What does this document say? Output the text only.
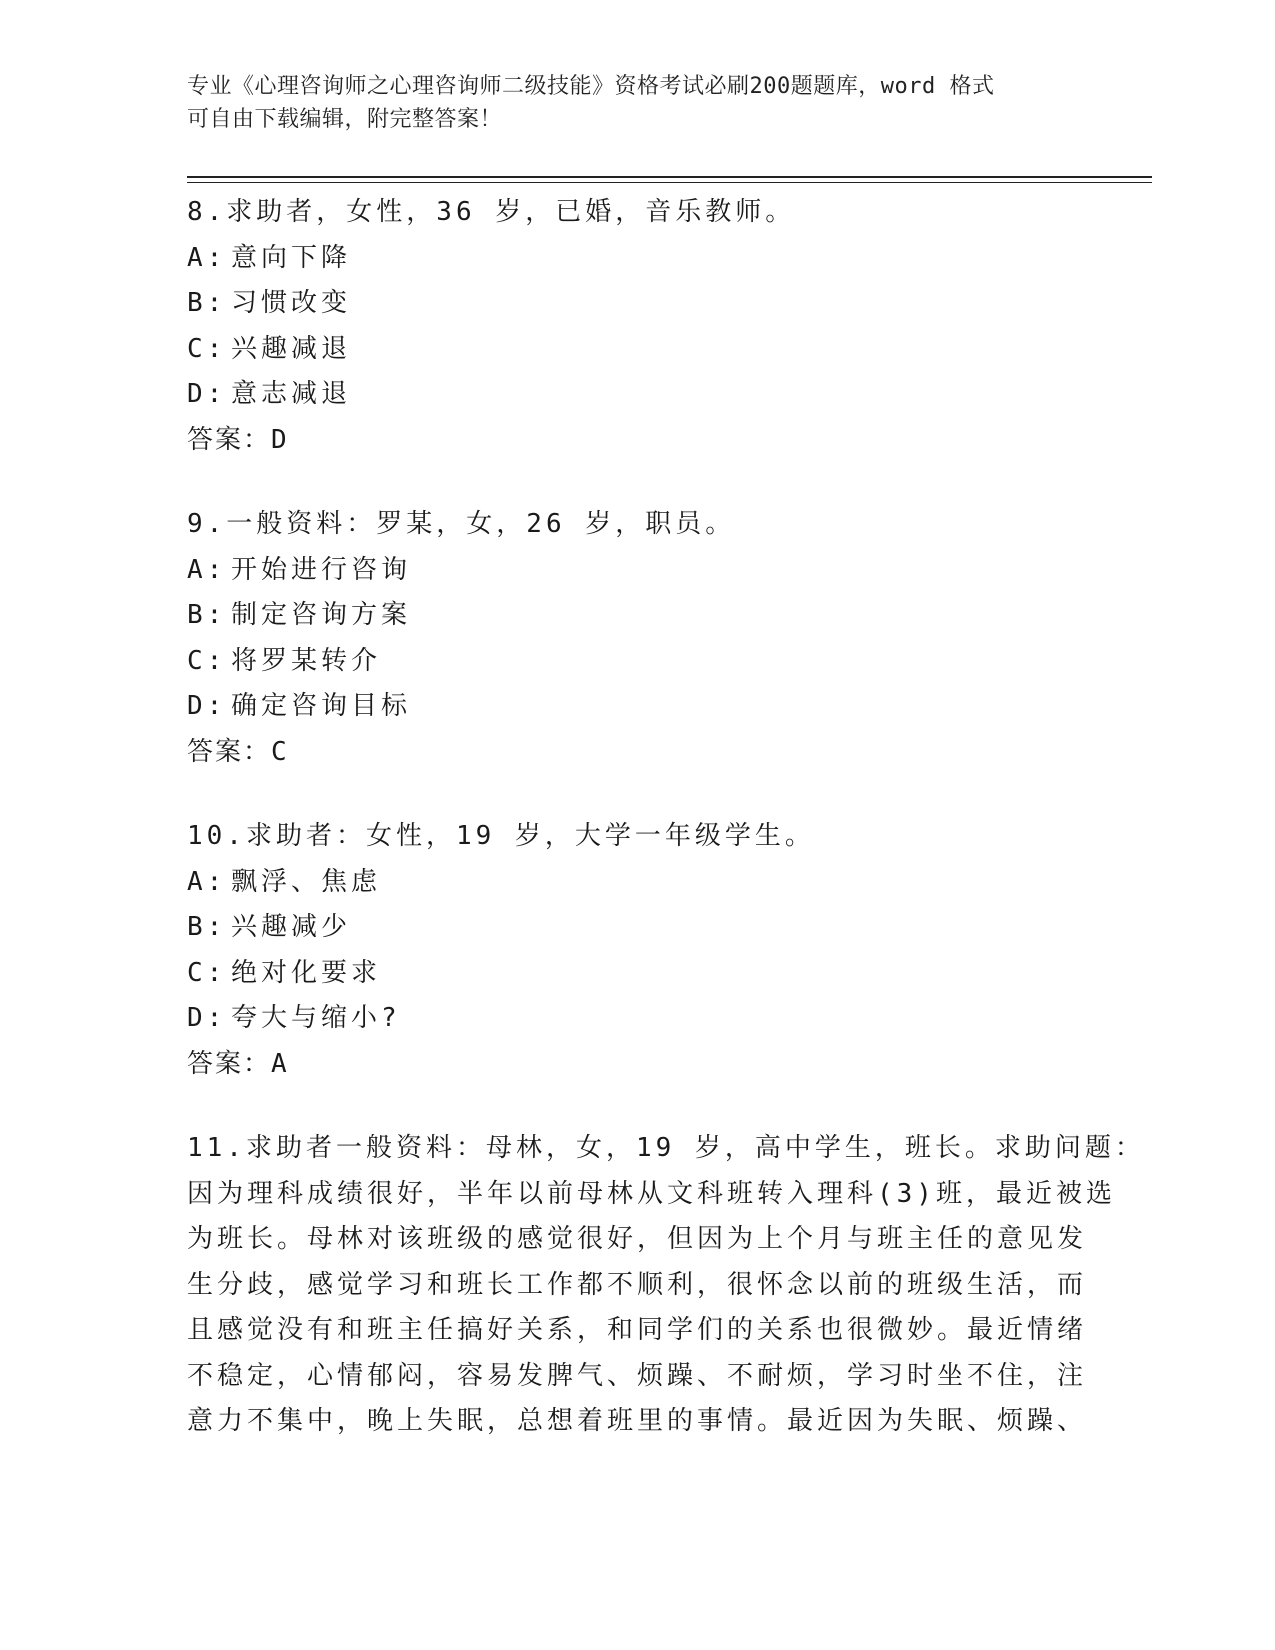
专业《心理咨询师之心理咨询师二级技能》资格考试必刷200题题库，word 格式
可自由下载编辑，附完整答案！
8.求助者，女性，36 岁，已婚，音乐教师。
A: 意向下降
B: 习惯改变
C: 兴趣减退
D: 意志减退
答案：D
9.一般资料：罗某，女，26 岁，职员。
A: 开始进行咨询
B: 制定咨询方案
C: 将罗某转介
D: 确定咨询目标
答案：C
10.求助者：女性，19 岁，大学一年级学生。
A: 飘浮、焦虑
B: 兴趣减少
C: 绝对化要求
D: 夸大与缩小?
答案：A
11.求助者一般资料：母林，女，19 岁，高中学生，班长。求助问题：
因为理科成绩很好，半年以前母林从文科班转入理科(3)班，最近被选
为班长。母林对该班级的感觉很好，但因为上个月与班主任的意见发
生分歧，感觉学习和班长工作都不顺利，很怀念以前的班级生活，而
且感觉没有和班主任搞好关系，和同学们的关系也很微妙。最近情绪
不稳定，心情郁闷，容易发脾气、烦躁、不耐烦，学习时坐不住，注
意力不集中，晚上失眠，总想着班里的事情。最近因为失眠、烦躁、
